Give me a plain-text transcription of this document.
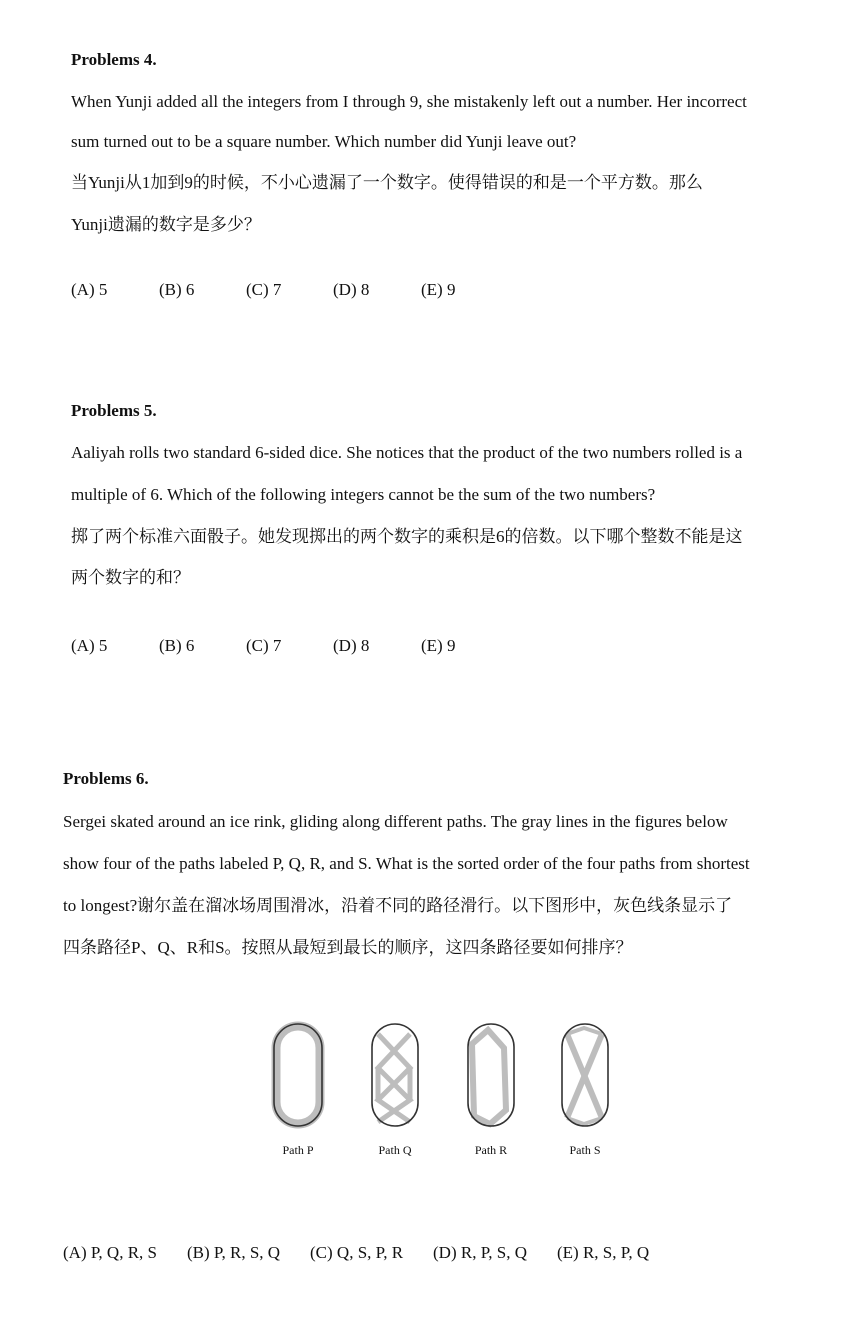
Problems 4.
When Yunji added all the integers from I through 9, she mistakenly left out a number. Her incorrect
sum turned out to be a square number. Which number did Yunji leave out?
当Yunji从1加到9的时候，不小心遗漏了一个数字。使得错误的和是一个平方数。那么
Yunji遗漏的数字是多少？
(A) 5	(B) 6	(C) 7	(D) 8	(E) 9
Problems 5.
Aaliyah rolls two standard 6-sided dice. She notices that the product of the two numbers rolled is a
multiple of 6. Which of the following integers cannot be the sum of the two numbers?
掷了两个标准六面骰子。她发现掷出的两个数字的乘积是6的倍数。以下哪个整数不能是这
两个数字的和？
(A) 5	(B) 6	(C) 7	(D) 8	(E) 9
Problems 6.
Sergei skated around an ice rink, gliding along different paths. The gray lines in the figures below
show four of the paths labeled P, Q, R, and S. What is the sorted order of the four paths from shortest
to longest?谢尔盖在溜冰场周围滑冰，沿着不同的路径滑行。以下图形中，灰色线条显示了
四条路径P、Q、R和S。按照从最短到最长的顺序，这四条路径要如何排序？
Path P	Path Q	Path R	Path S
(A) P, Q, R, S (B) P, R, S, Q (C) Q, S, P, R (D) R, P, S, Q (E) R, S, P, Q
